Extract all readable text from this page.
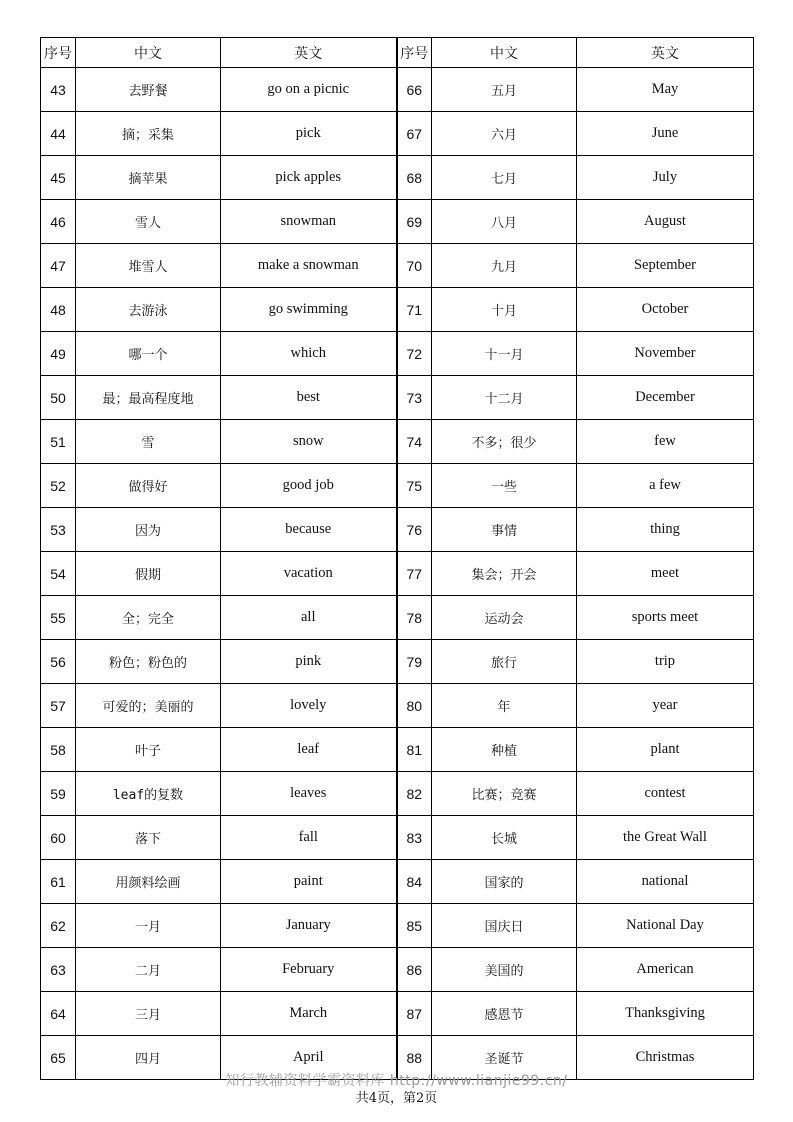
序号	中文	英文	序号	中文	英文
43	去野餐	go on a picnic	66	五月	May
44	摘；采集	pick	67	六月	June
45	摘苹果	pick apples	68	七月	July
46	雪人	snowman	69	八月	August
47	堆雪人	make a snowman	70	九月	September
48	去游泳	go swimming	71	十月	October
49	哪一个	which	72	十一月	November
50	最；最高程度地	best	73	十二月	December
51	雪	snow	74	不多；很少	few
52	做得好	good job	75	一些	a few
53	因为	because	76	事情	thing
54	假期	vacation	77	集会；开会	meet
55	全；完全	all	78	运动会	sports meet
56	粉色；粉色的	pink	79	旅行	trip
57	可爱的；美丽的	lovely	80	年	year
58	叶子	leaf	81	种植	plant
59	leaf的复数	leaves	82	比赛；竞赛	contest
60	落下	fall	83	长城	the Great Wall
61	用颜料绘画	paint	84	国家的	national
62	一月	January	85	国庆日	National Day
63	二月	February	86	美国的	American
64	三月	March	87	感恩节	Thanksgiving
65	四月	April	88	圣诞节	Christmas
知行教辅资料学霸资料库 http://www.lianjie99.cn/
共4页，第2页
